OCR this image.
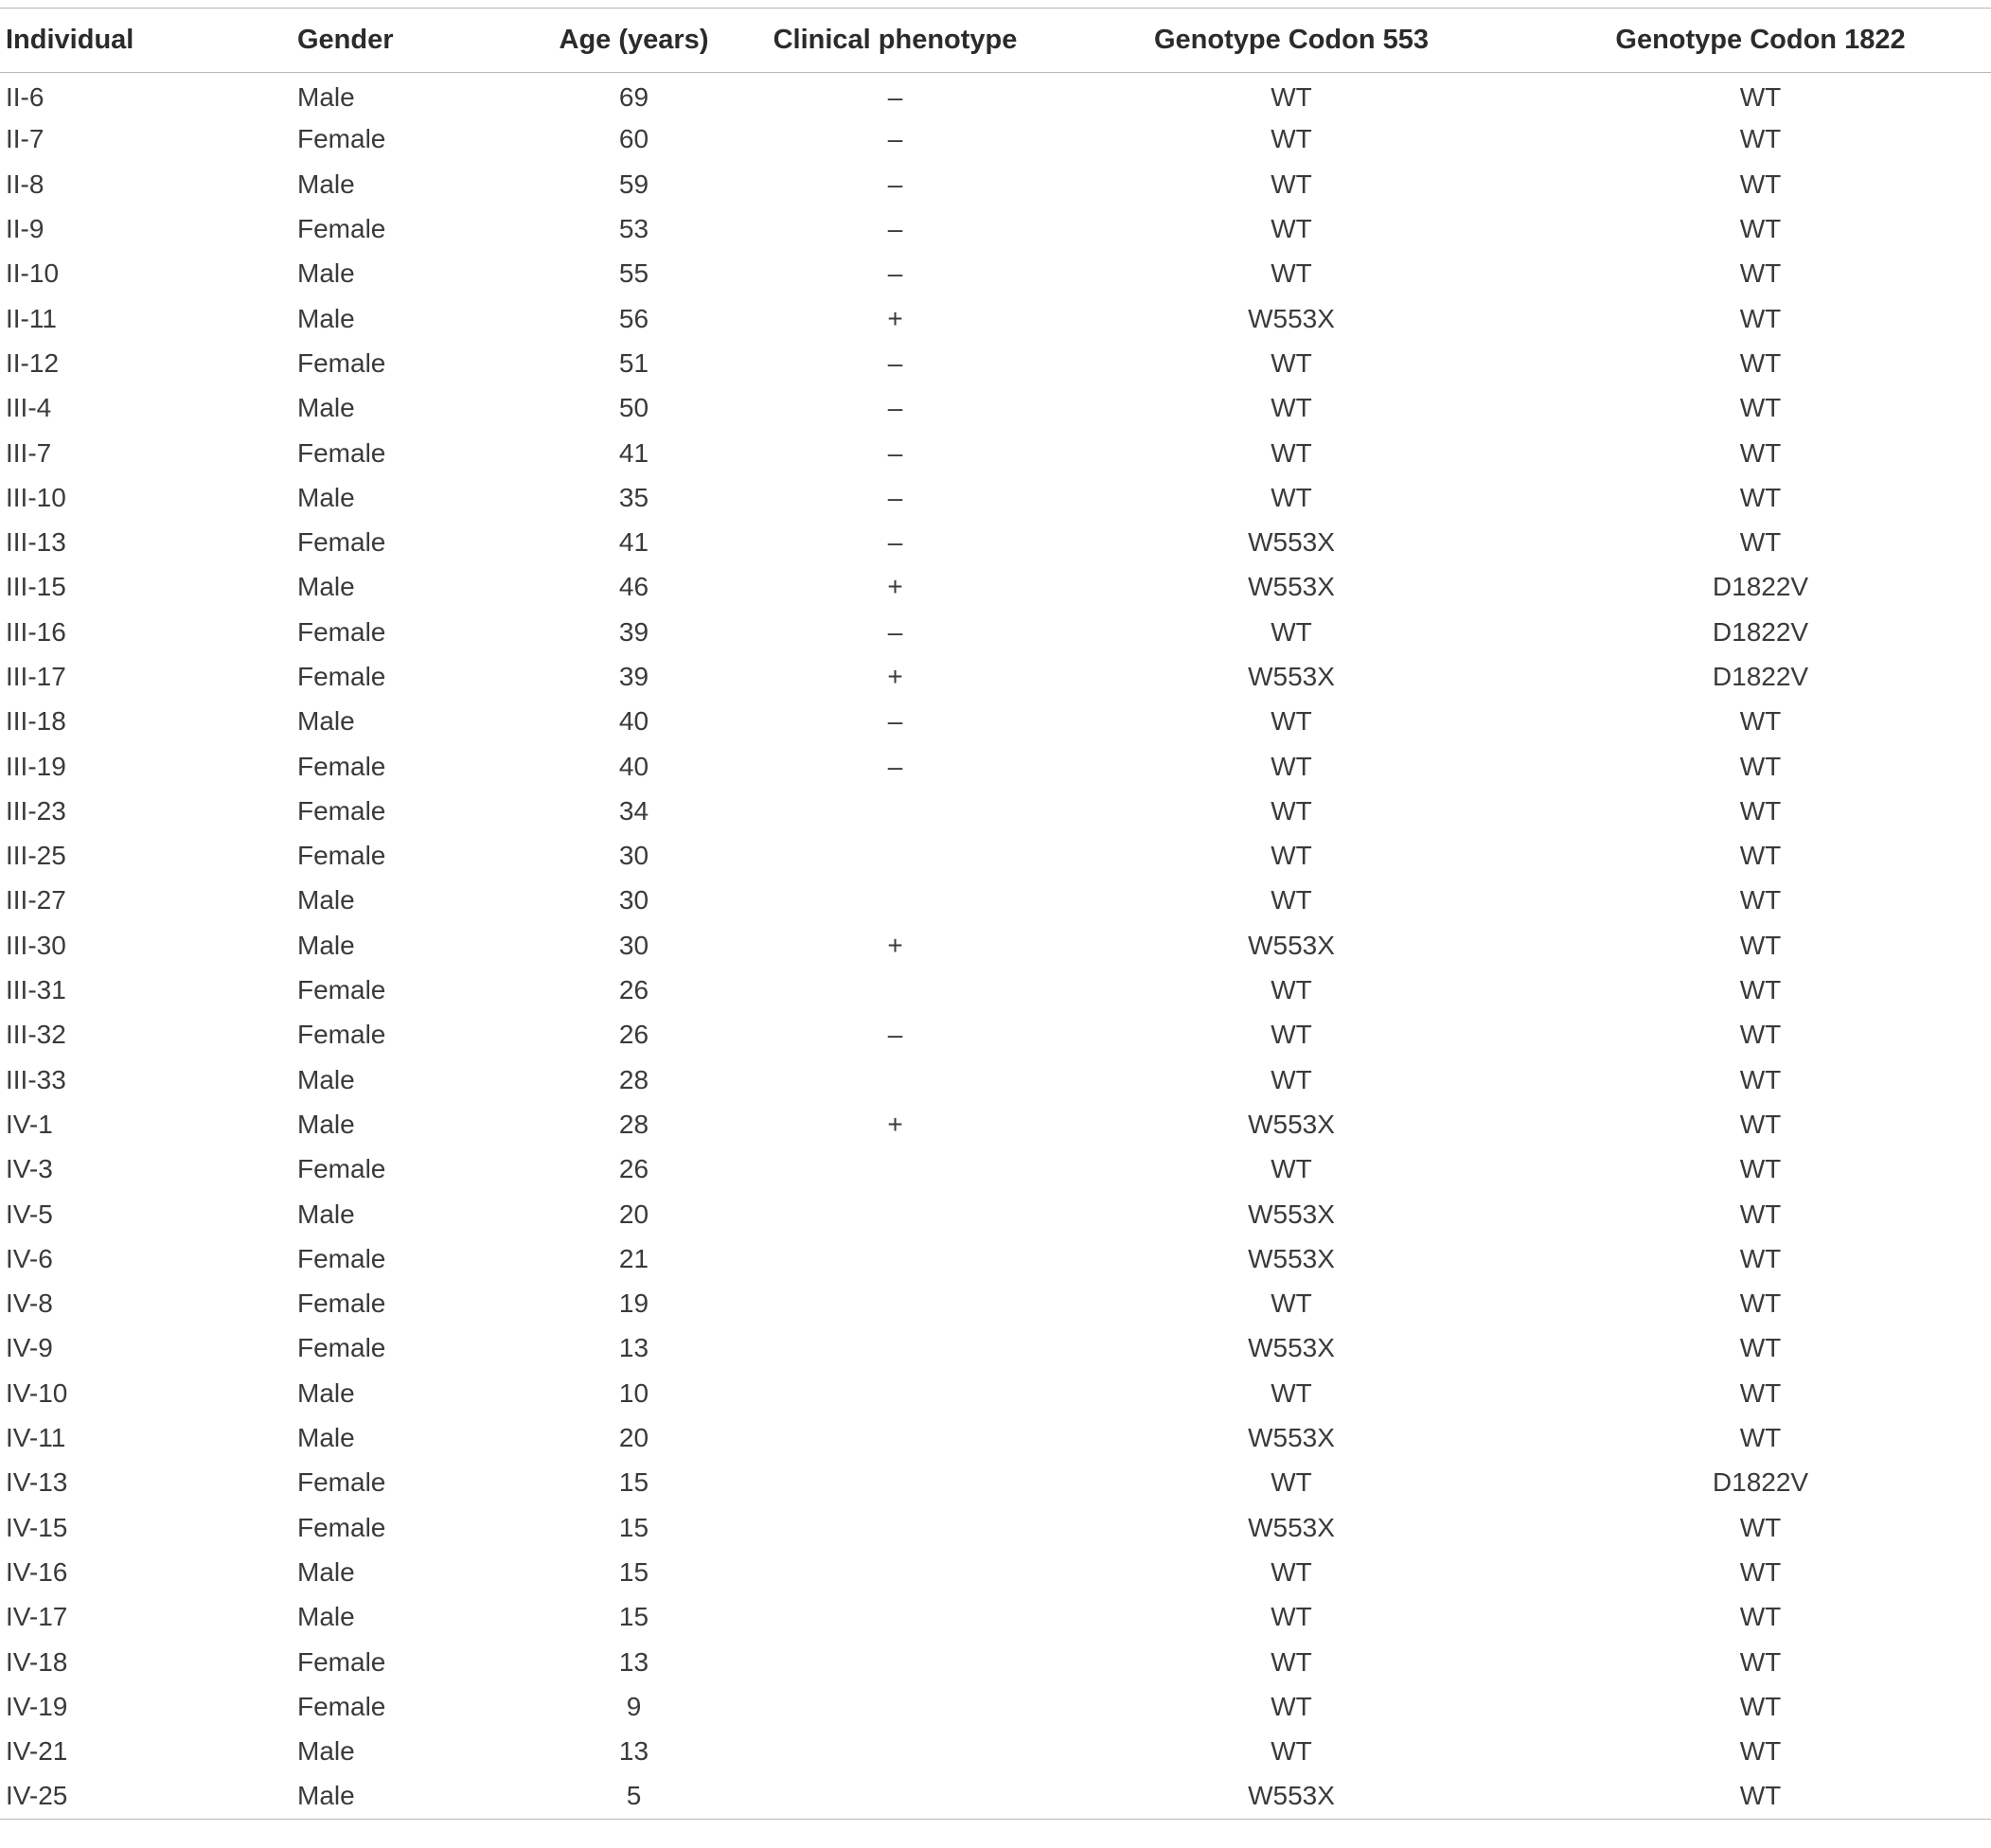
Individual	Gender	Age (years)	Clinical phenotype	Genotype Codon 553	Genotype Codon 1822
II-6	Male	69	–	WT	WT
II-7	Female	60	–	WT	WT
II-8	Male	59	–	WT	WT
II-9	Female	53	–	WT	WT
II-10	Male	55	–	WT	WT
II-11	Male	56	+	W553X	WT
II-12	Female	51	–	WT	WT
III-4	Male	50	–	WT	WT
III-7	Female	41	–	WT	WT
III-10	Male	35	–	WT	WT
III-13	Female	41	–	W553X	WT
III-15	Male	46	+	W553X	D1822V
III-16	Female	39	–	WT	D1822V
III-17	Female	39	+	W553X	D1822V
III-18	Male	40	–	WT	WT
III-19	Female	40	–	WT	WT
III-23	Female	34		WT	WT
III-25	Female	30		WT	WT
III-27	Male	30		WT	WT
III-30	Male	30	+	W553X	WT
III-31	Female	26		WT	WT
III-32	Female	26	–	WT	WT
III-33	Male	28		WT	WT
IV-1	Male	28	+	W553X	WT
IV-3	Female	26		WT	WT
IV-5	Male	20		W553X	WT
IV-6	Female	21		W553X	WT
IV-8	Female	19		WT	WT
IV-9	Female	13		W553X	WT
IV-10	Male	10		WT	WT
IV-11	Male	20		W553X	WT
IV-13	Female	15		WT	D1822V
IV-15	Female	15		W553X	WT
IV-16	Male	15		WT	WT
IV-17	Male	15		WT	WT
IV-18	Female	13		WT	WT
IV-19	Female	9		WT	WT
IV-21	Male	13		WT	WT
IV-25	Male	5		W553X	WT
